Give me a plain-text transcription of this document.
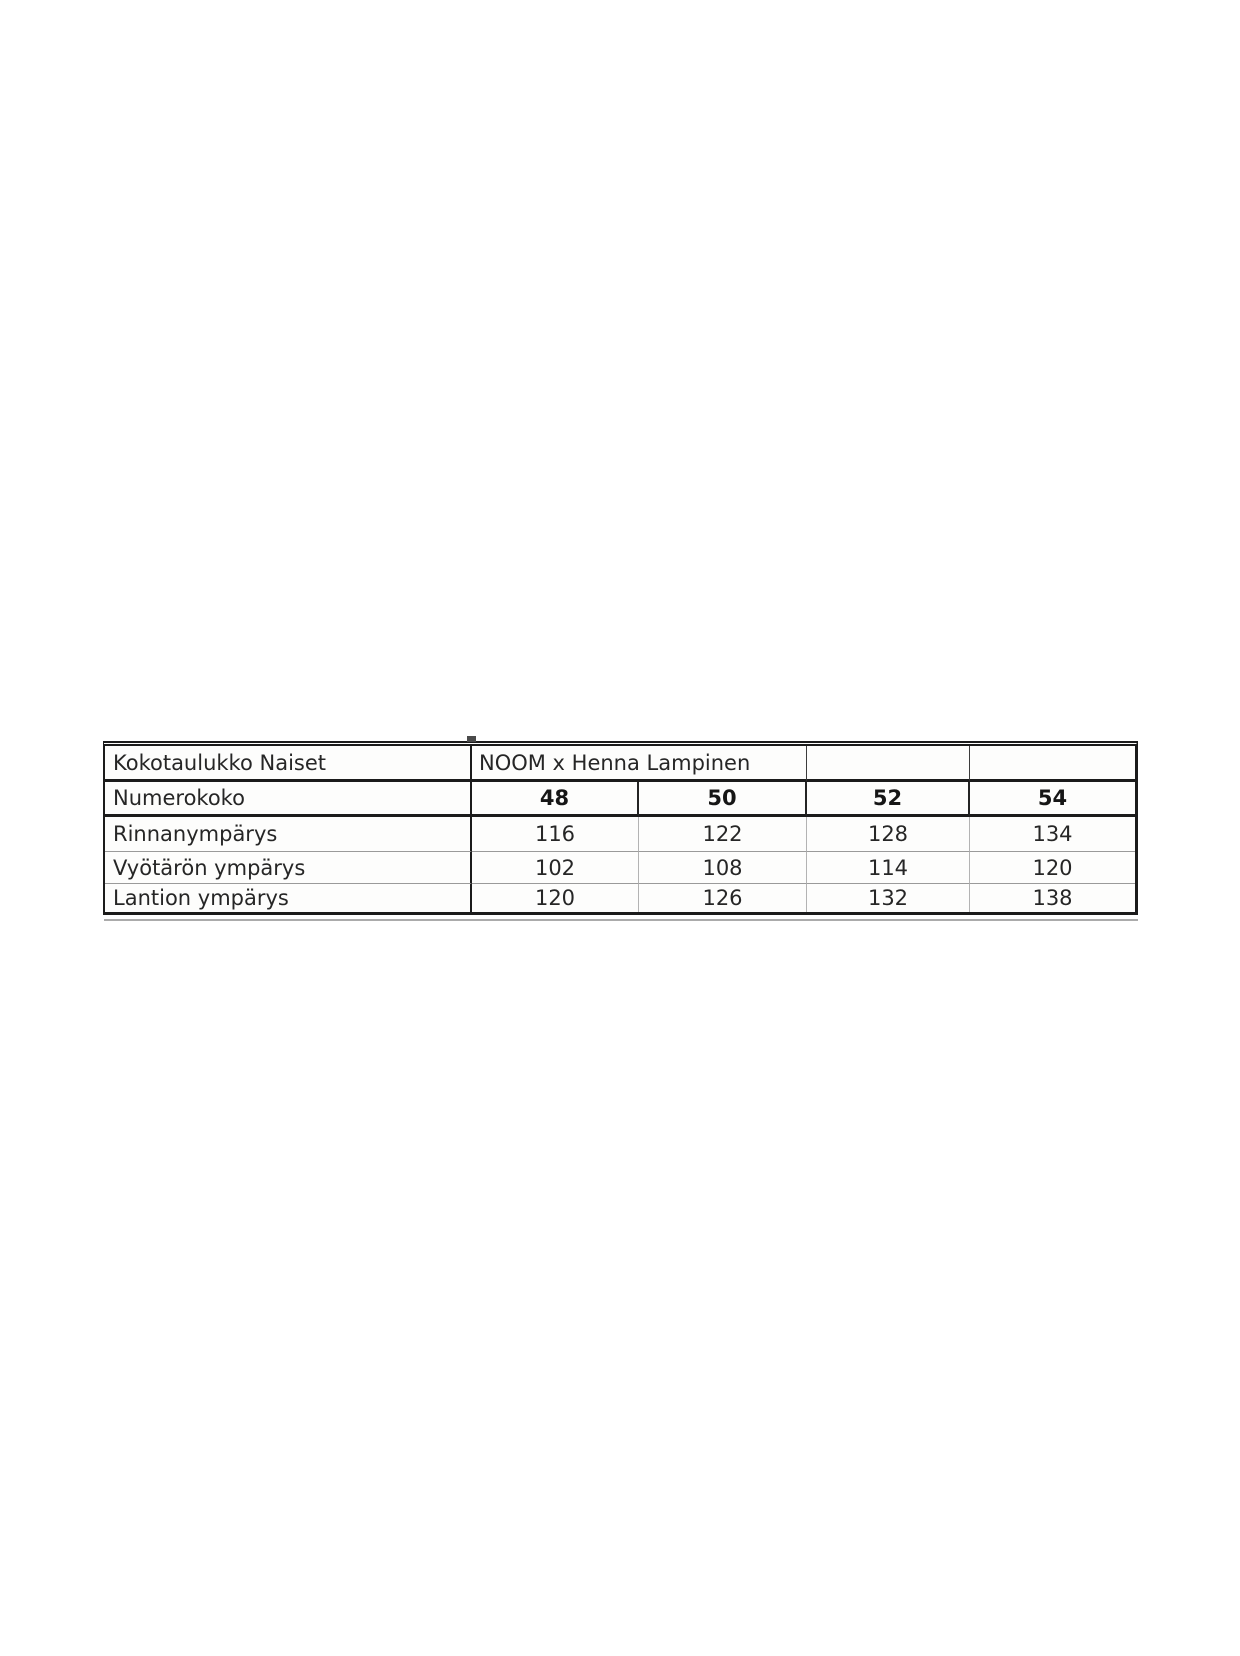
Kokotaulukko Naiset	NOOM x Henna Lampinen			
Numerokoko	48	50	52	54
Rinnanympärys	116	122	128	134
Vyötärön ympärys	102	108	114	120
Lantion ympärys	120	126	132	138
